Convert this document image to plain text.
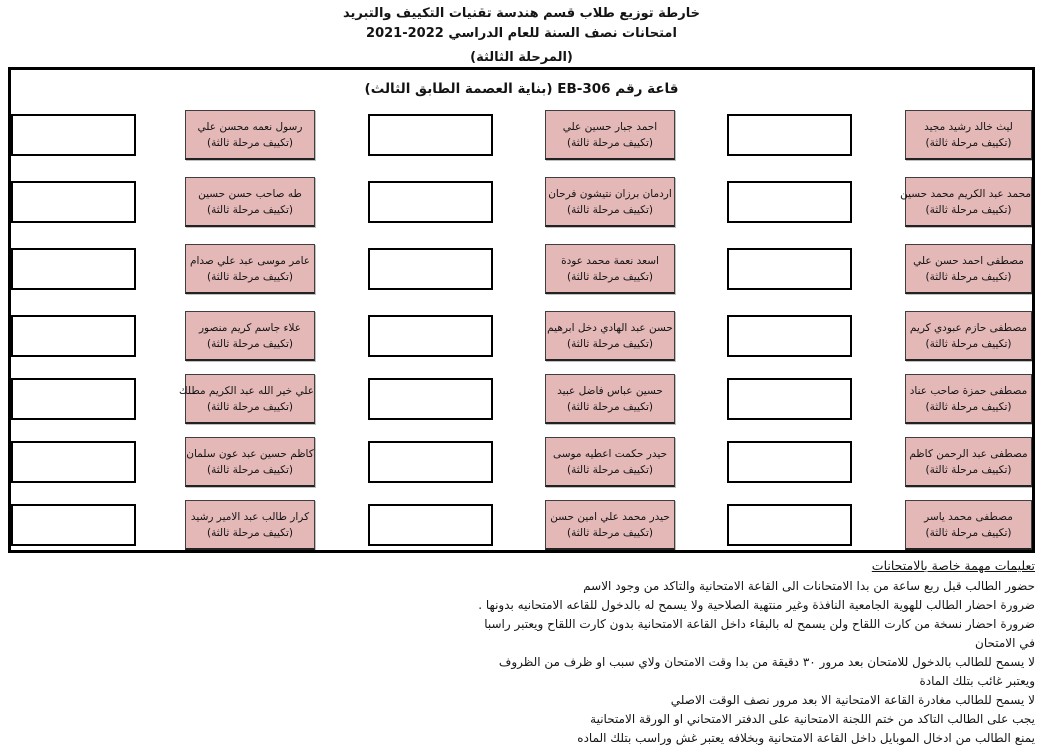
خارطة توزيع طلاب قسم هندسة تقنيات التكييف والتبريد
امتحانات نصف السنة للعام الدراسي 2022-2021
(المرحلة الثالثة)
قاعة رقم EB-‎306 (بناية العصمة الطابق الثالث)
رسول نعمه محسن علي
(تكييف مرحلة ثالثة)
احمد جبار حسين علي
(تكييف مرحلة ثالثة)
ليث خالد رشيد مجيد
(تكييف مرحلة ثالثة)
طه صاحب حسن حسين
(تكييف مرحلة ثالثة)
اردمان برزان نتيشون فرحان
(تكييف مرحلة ثالثة)
محمد عبد الكريم محمد حسين
(تكييف مرحلة ثالثة)
عامر موسى عبد علي صدام
(تكييف مرحلة ثالثة)
اسعد نعمة محمد عودة
(تكييف مرحلة ثالثة)
مصطفى احمد حسن علي
(تكييف مرحلة ثالثة)
علاء جاسم كريم منصور
(تكييف مرحلة ثالثة)
حسن عبد الهادي دخل ابرهيم
(تكييف مرحلة ثالثة)
مصطفى حازم عبودي كريم
(تكييف مرحلة ثالثة)
علي خير الله عبد الكريم مطلك
(تكييف مرحلة ثالثة)
حسين عباس فاضل عبيد
(تكييف مرحلة ثالثة)
مصطفى حمزة صاحب عناد
(تكييف مرحلة ثالثة)
كاظم حسين عبد عون سلمان
(تكييف مرحلة ثالثة)
حيدر حكمت اعطيه موسى
(تكييف مرحلة ثالثة)
مصطفى عبد الرحمن كاظم
(تكييف مرحلة ثالثة)
كرار طالب عبد الامير رشيد
(تكييف مرحلة ثالثة)
حيدر محمد علي امين حسن
(تكييف مرحلة ثالثة)
مصطفى محمد ياسر
(تكييف مرحلة ثالثة)
تعليمات مهمة خاصة بالامتحانات
حضور الطالب قبل ربع ساعة من بدا الامتحانات الى القاعة الامتحانية والتاكد من وجود الاسم
ضرورة احضار الطالب للهوية الجامعية النافذة وغير منتهية الصلاحية ولا يسمح له بالدخول للقاعه الامتحانيه بدونها .
ضرورة احضار نسخة من كارت اللقاح ولن يسمح له بالبقاء داخل القاعة الامتحانية بدون كارت اللقاح ويعتبر راسبا في الامتحان
لا يسمح للطالب بالدخول للامتحان بعد مرور ٣٠ دقيقة من بدا وقت الامتحان ولاي سبب او ظرف من الظروف ويعتبر غائب بتلك المادة
لا يسمح للطالب مغادرة القاعة الامتحانية الا بعد مرور نصف الوقت الاصلي
يجب على الطالب التاكد من ختم اللجنة الامتحانية على الدفتر الامتحاني او الورقة الامتحانية
يمنع الطالب من ادخال الموبايل داخل القاعة الامتحانية وبخلافه يعتبر غش وراسب بتلك الماده
